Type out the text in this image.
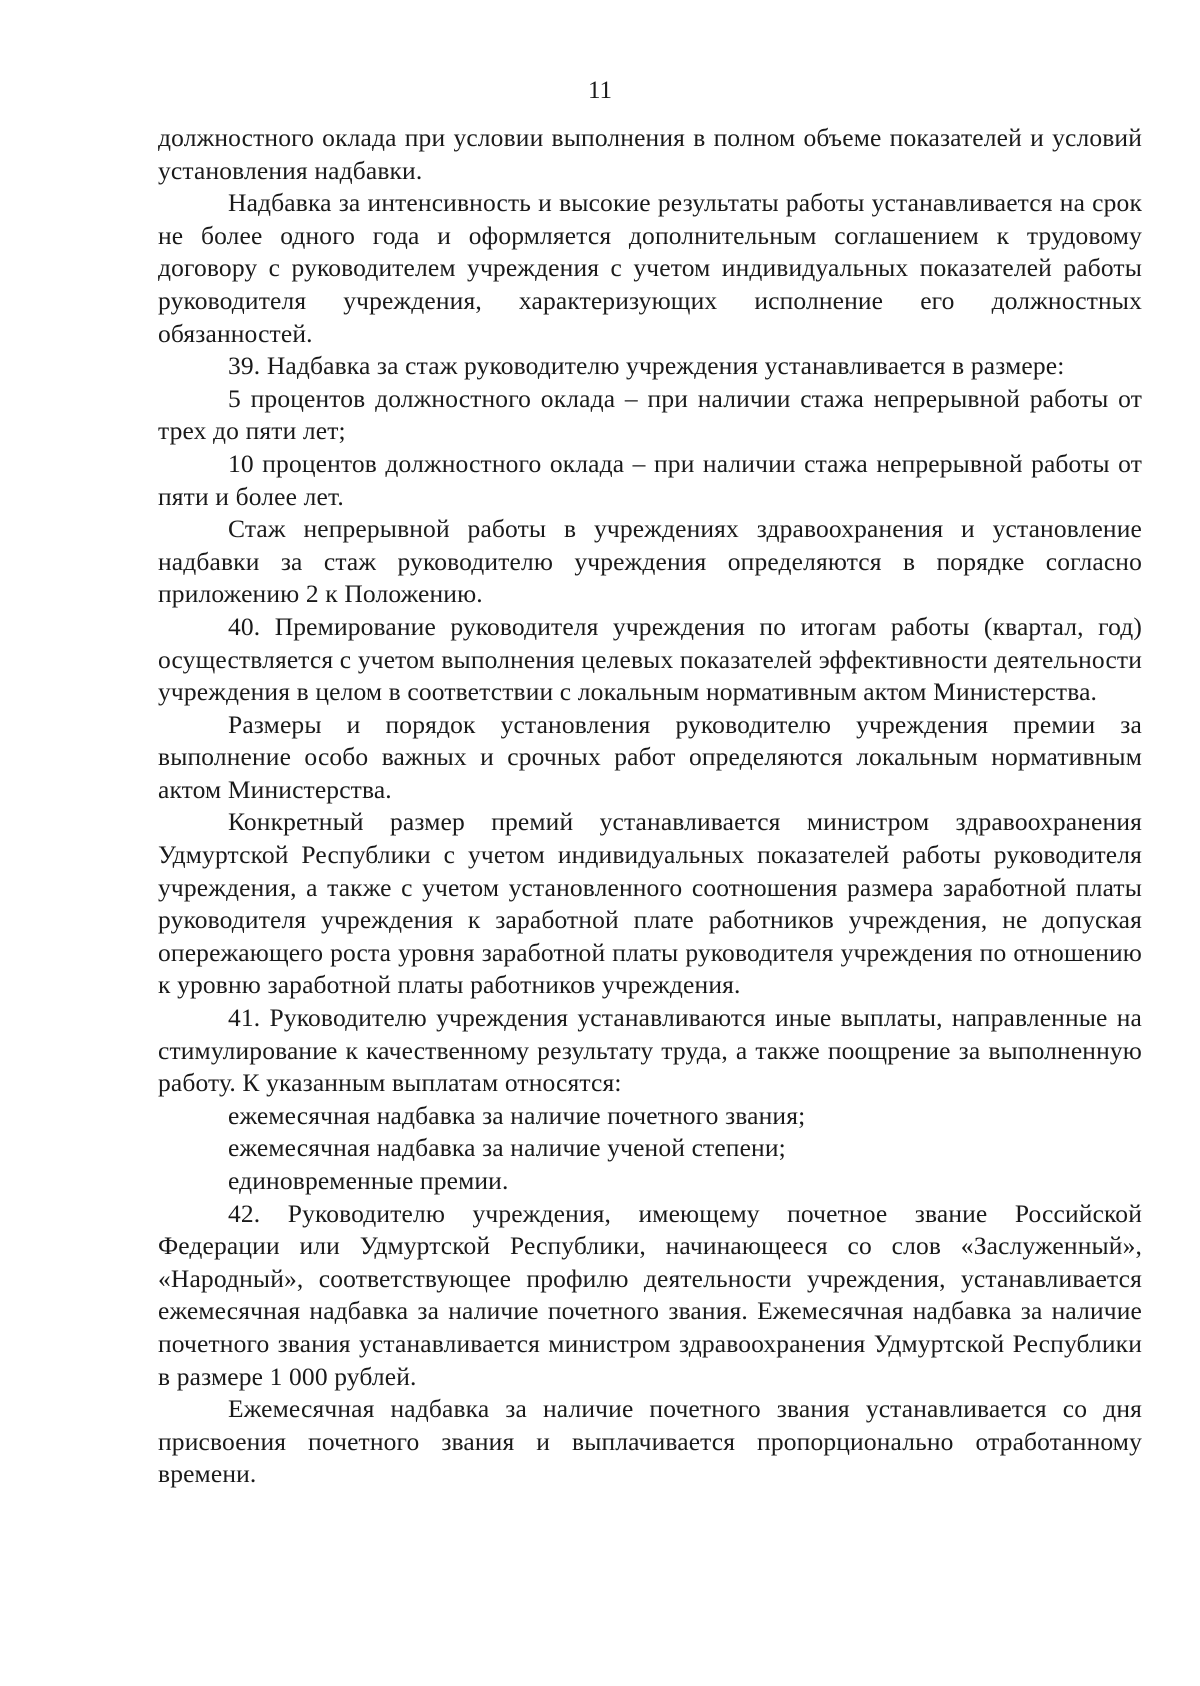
11

должностного оклада при условии выполнения в полном объеме показателей и условий установления надбавки.

Надбавка за интенсивность и высокие результаты работы устанавливается на срок не более одного года и оформляется дополнительным соглашением к трудовому договору с руководителем учреждения с учетом индивидуальных показателей работы руководителя учреждения, характеризующих исполнение его должностных обязанностей.

39. Надбавка за стаж руководителю учреждения устанавливается в размере:

5 процентов должностного оклада – при наличии стажа непрерывной работы от трех до пяти лет;

10 процентов должностного оклада – при наличии стажа непрерывной работы от пяти и более лет.

Стаж непрерывной работы в учреждениях здравоохранения и установление надбавки за стаж руководителю учреждения определяются в порядке согласно приложению 2 к Положению.

40. Премирование руководителя учреждения по итогам работы (квартал, год) осуществляется с учетом выполнения целевых показателей эффективности деятельности учреждения в целом в соответствии с локальным нормативным актом Министерства.

Размеры и порядок установления руководителю учреждения премии за выполнение особо важных и срочных работ определяются локальным нормативным актом Министерства.

Конкретный размер премий устанавливается министром здравоохранения Удмуртской Республики с учетом индивидуальных показателей работы руководителя учреждения, а также с учетом установленного соотношения размера заработной платы руководителя учреждения к заработной плате работников учреждения, не допуская опережающего роста уровня заработной платы руководителя учреждения по отношению к уровню заработной платы работников учреждения.

41. Руководителю учреждения устанавливаются иные выплаты, направленные на стимулирование к качественному результату труда, а также поощрение за выполненную работу. К указанным выплатам относятся:

ежемесячная надбавка за наличие почетного звания;

ежемесячная надбавка за наличие ученой степени;

единовременные премии.

42. Руководителю учреждения, имеющему почетное звание Российской Федерации или Удмуртской Республики, начинающееся со слов «Заслуженный», «Народный», соответствующее профилю деятельности учреждения, устанавливается ежемесячная надбавка за наличие почетного звания. Ежемесячная надбавка за наличие почетного звания устанавливается министром здравоохранения Удмуртской Республики в размере 1 000 рублей.

Ежемесячная надбавка за наличие почетного звания устанавливается со дня присвоения почетного звания и выплачивается пропорционально отработанному времени.
